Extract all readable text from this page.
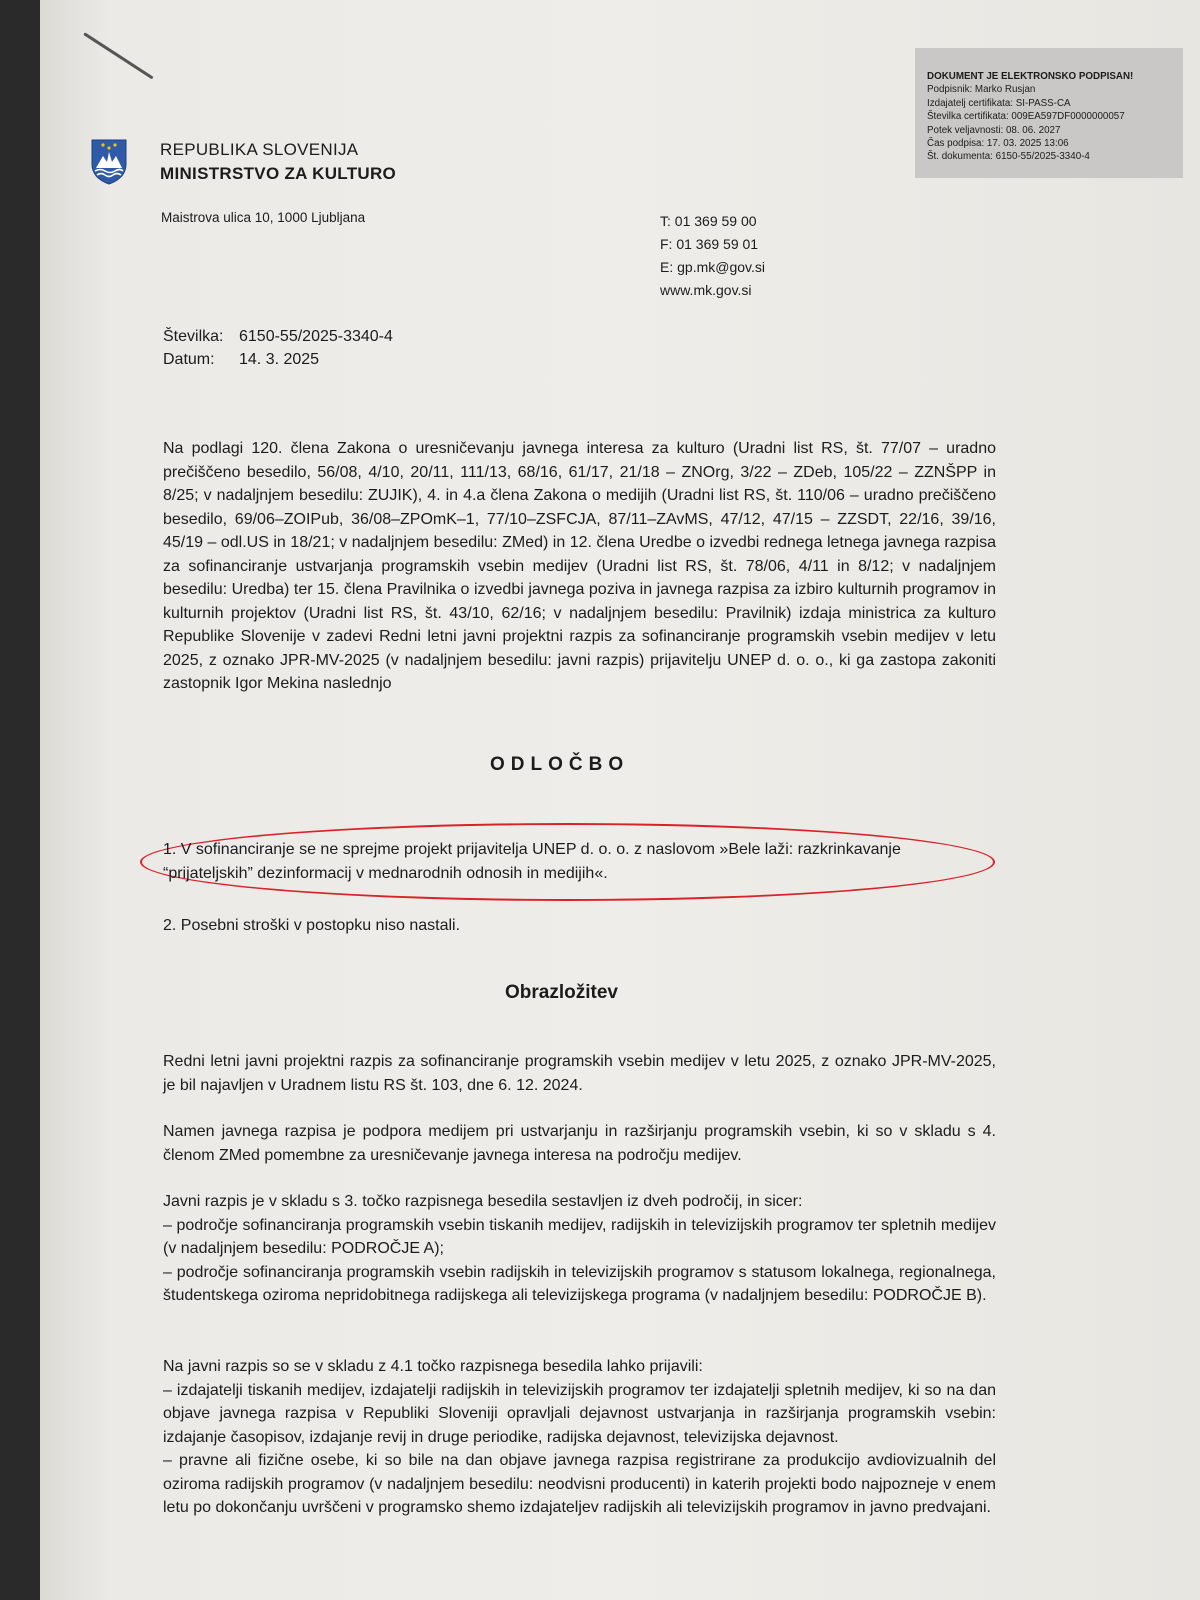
DOKUMENT JE ELEKTRONSKO PODPISAN!
Podpisnik: Marko Rusjan
Izdajatelj certifikata: SI-PASS-CA
Številka certifikata: 009EA597DF0000000057
Potek veljavnosti: 08. 06. 2027
Čas podpisa: 17. 03. 2025 13:06
Št. dokumenta: 6150-55/2025-3340-4
REPUBLIKA SLOVENIJA
MINISTRSTVO ZA KULTURO
Maistrova ulica 10, 1000 Ljubljana	T: 01 369 59 00
F: 01 369 59 01
E: gp.mk@gov.si
www.mk.gov.si
Številka: 6150-55/2025-3340-4
Datum: 14. 3. 2025

Na podlagi 120. člena Zakona o uresničevanju javnega interesa za kulturo (Uradni list RS, št. 77/07 – uradno prečiščeno besedilo, 56/08, 4/10, 20/11, 111/13, 68/16, 61/17, 21/18 – ZNOrg, 3/22 – ZDeb, 105/22 – ZZNŠPP in 8/25; v nadaljnjem besedilu: ZUJIK), 4. in 4.a člena Zakona o medijih (Uradni list RS, št. 110/06 – uradno prečiščeno besedilo, 69/06–ZOIPub, 36/08–ZPOmK–1, 77/10–ZSFCJA, 87/11–ZAvMS, 47/12, 47/15 – ZZSDT, 22/16, 39/16, 45/19 – odl.US in 18/21; v nadaljnjem besedilu: ZMed) in 12. člena Uredbe o izvedbi rednega letnega javnega razpisa za sofinanciranje ustvarjanja programskih vsebin medijev (Uradni list RS, št. 78/06, 4/11 in 8/12; v nadaljnjem besedilu: Uredba) ter 15. člena Pravilnika o izvedbi javnega poziva in javnega razpisa za izbiro kulturnih programov in kulturnih projektov (Uradni list RS, št. 43/10, 62/16; v nadaljnjem besedilu: Pravilnik) izdaja ministrica za kulturo Republike Slovenije v zadevi Redni letni javni projektni razpis za sofinanciranje programskih vsebin medijev v letu 2025, z oznako JPR-MV-2025 (v nadaljnjem besedilu: javni razpis) prijavitelju UNEP d. o. o., ki ga zastopa zakoniti zastopnik Igor Mekina naslednjo

ODLOČBO

1. V sofinanciranje se ne sprejme projekt prijavitelja UNEP d. o. o. z naslovom »Bele laži: razkrinkavanje “prijateljskih” dezinformacij v mednarodnih odnosih in medijih«.

2. Posebni stroški v postopku niso nastali.

Obrazložitev

Redni letni javni projektni razpis za sofinanciranje programskih vsebin medijev v letu 2025, z oznako JPR-MV-2025, je bil najavljen v Uradnem listu RS št. 103, dne 6. 12. 2024.

Namen javnega razpisa je podpora medijem pri ustvarjanju in razširjanju programskih vsebin, ki so v skladu s 4. členom ZMed pomembne za uresničevanje javnega interesa na področju medijev.

Javni razpis je v skladu s 3. točko razpisnega besedila sestavljen iz dveh področij, in sicer:

– področje sofinanciranja programskih vsebin tiskanih medijev, radijskih in televizijskih programov ter spletnih medijev (v nadaljnjem besedilu: PODROČJE A);

– področje sofinanciranja programskih vsebin radijskih in televizijskih programov s statusom lokalnega, regionalnega, študentskega oziroma nepridobitnega radijskega ali televizijskega programa (v nadaljnjem besedilu: PODROČJE B).

Na javni razpis so se v skladu z 4.1 točko razpisnega besedila lahko prijavili:

– izdajatelji tiskanih medijev, izdajatelji radijskih in televizijskih programov ter izdajatelji spletnih medijev, ki so na dan objave javnega razpisa v Republiki Sloveniji opravljali dejavnost ustvarjanja in razširjanja programskih vsebin: izdajanje časopisov, izdajanje revij in druge periodike, radijska dejavnost, televizijska dejavnost.

– pravne ali fizične osebe, ki so bile na dan objave javnega razpisa registrirane za produkcijo avdiovizualnih del oziroma radijskih programov (v nadaljnjem besedilu: neodvisni producenti) in katerih projekti bodo najpozneje v enem letu po dokončanju uvrščeni v programsko shemo izdajateljev radijskih ali televizijskih programov in javno predvajani.
